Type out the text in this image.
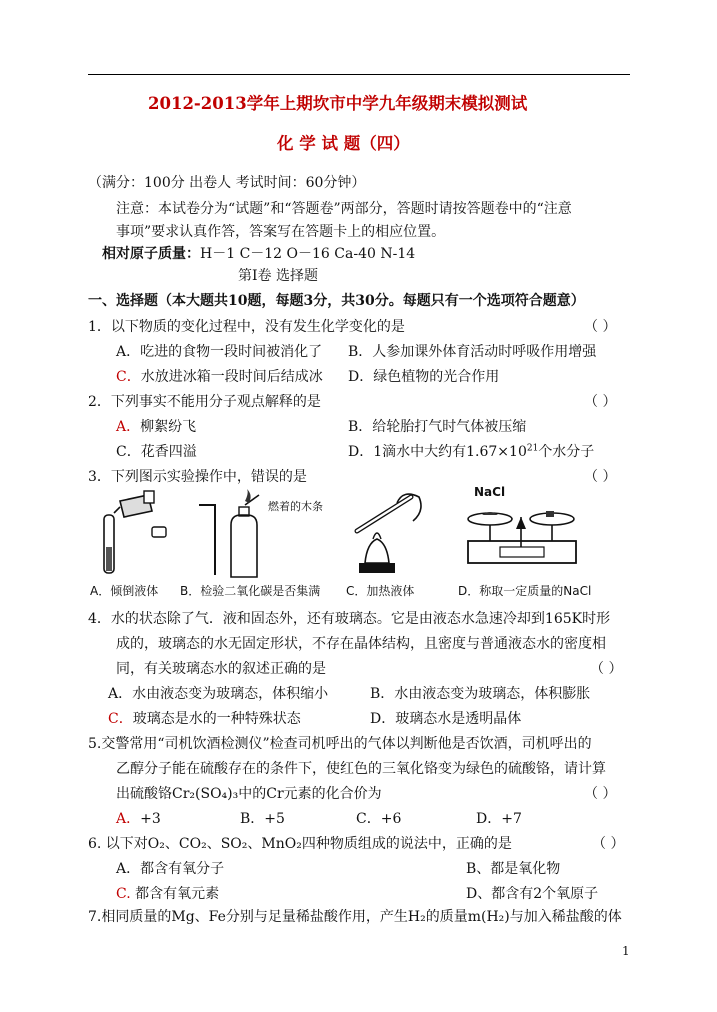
2012-2013学年上期坎市中学九年级期末模拟测试
化 学 试 题（四）
（满分：100分 出卷人 考试时间：60分钟）
注意：本试卷分为“试题”和“答题卷”两部分，答题时请按答题卷中的“注意
事项”要求认真作答，答案写在答题卡上的相应位置。
相对原子质量：H－1 C－12 O－16 Ca-40 N-14
第Ⅰ卷 选择题
一、选择题（本大题共10题，每题3分，共30分。每题只有一个选项符合题意）
1．以下物质的变化过程中，没有发生化学变化的是	（ ）
A．吃进的食物一段时间被消化了 B．人参加课外体育活动时呼吸作用增强
C．水放进冰箱一段时间后结成冰 D．绿色植物的光合作用
2．下列事实不能用分子观点解释的是	（ ）
A．柳絮纷飞	B．给轮胎打气时气体被压缩
C．花香四溢	D．1滴水中大约有$1.67\times 10^{21}$个水分子
3．下列图示实验操作中，错误的是	（ ）
A．倾倒液体
燃着的木条
B．检验二氧化碳是否集满 C．加热液体
NaCl
D．称取一定质量的NaCl
4．水的状态除了气．液和固态外，还有玻璃态。它是由液态水急速冷却到165K时形
成的，玻璃态的水无固定形状，不存在晶体结构，且密度与普通液态水的密度相
同，有关玻璃态水的叙述正确的是	（ ）
A．水由液态变为玻璃态，体积缩小	B．水由液态变为玻璃态，体积膨胀
C．玻璃态是水的一种特殊状态	D．玻璃态水是透明晶体
5.交警常用“司机饮酒检测仪”检查司机呼出的气体以判断他是否饮酒，司机呼出的
乙醇分子能在硫酸存在的条件下，使红色的三氧化铬变为绿色的硫酸铬，请计算
出硫酸铬Cr₂(SO₄)₃中的Cr元素的化合价为	（ ）
A．+3	B．+5	C．+6	D．+7
6. 以下对O₂、CO₂、SO₂、MnO₂四种物质组成的说法中，正确的是	（ ）
A．都含有氧分子	B、都是氧化物
C. 都含有氧元素	D、都含有2个氧原子
7.相同质量的Mg、Fe分别与足量稀盐酸作用，产生H₂的质量m(H₂)与加入稀盐酸的体
1
